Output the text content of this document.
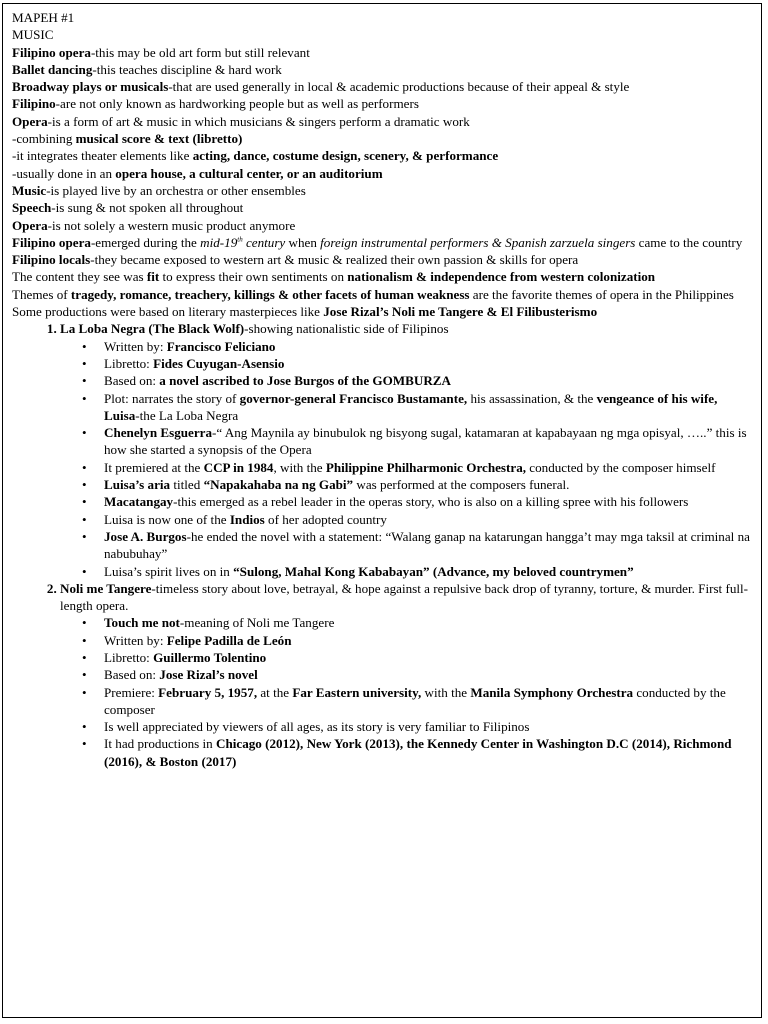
MAPEH #1

MUSIC

Filipino opera-this may be old art form but still relevant

Ballet dancing-this teaches discipline & hard work

Broadway plays or musicals-that are used generally in local & academic productions because of their appeal & style

Filipino-are not only known as hardworking people but as well as performers

Opera-is a form of art & music in which musicians & singers perform a dramatic work

-combining musical score & text (libretto)

-it integrates theater elements like acting, dance, costume design, scenery, & performance

-usually done in an opera house, a cultural center, or an auditorium

Music-is played live by an orchestra or other ensembles

Speech-is sung & not spoken all throughout

Opera-is not solely a western music product anymore

Filipino opera-emerged during the mid-19th century when foreign instrumental performers & Spanish zarzuela singers came to the country

Filipino locals-they became exposed to western art & music & realized their own passion & skills for opera

The content they see was fit to express their own sentiments on nationalism & independence from western colonization

Themes of tragedy, romance, treachery, killings & other facets of human weakness are the favorite themes of opera in the Philippines

Some productions were based on literary masterpieces like Jose Rizal’s Noli me Tangere & El Filibusterismo

1. La Loba Negra (The Black Wolf)-showing nationalistic side of Filipinos
• Written by: Francisco Feliciano
• Libretto: Fides Cuyugan-Asensio
• Based on: a novel ascribed to Jose Burgos of the GOMBURZA
• Plot: narrates the story of governor-general Francisco Bustamante, his assassination, & the vengeance of his wife, Luisa-the La Loba Negra
• Chenelyn Esguerra-“ Ang Maynila ay binubulok ng bisyong sugal, katamaran at kapabayaan ng mga opisyal, …..” this is how she started a synopsis of the Opera
• It premiered at the CCP in 1984, with the Philippine Philharmonic Orchestra, conducted by the composer himself
• Luisa’s aria titled “Napakahaba na ng Gabi” was performed at the composers funeral.
• Macatangay-this emerged as a rebel leader in the operas story, who is also on a killing spree with his followers
• Luisa is now one of the Indios of her adopted country
• Jose A. Burgos-he ended the novel with a statement: “Walang ganap na katarungan hangga’t may mga taksil at criminal na nabubuhay”
• Luisa’s spirit lives on in “Sulong, Mahal Kong Kababayan” (Advance, my beloved countrymen”
2. Noli me Tangere-timeless story about love, betrayal, & hope against a repulsive back drop of tyranny, torture, & murder. First full-length opera.
• Touch me not-meaning of Noli me Tangere
• Written by: Felipe Padilla de León
• Libretto: Guillermo Tolentino
• Based on: Jose Rizal’s novel
• Premiere: February 5, 1957, at the Far Eastern university, with the Manila Symphony Orchestra conducted by the composer
• Is well appreciated by viewers of all ages, as its story is very familiar to Filipinos
• It had productions in Chicago (2012), New York (2013), the Kennedy Center in Washington D.C (2014), Richmond (2016), & Boston (2017)
